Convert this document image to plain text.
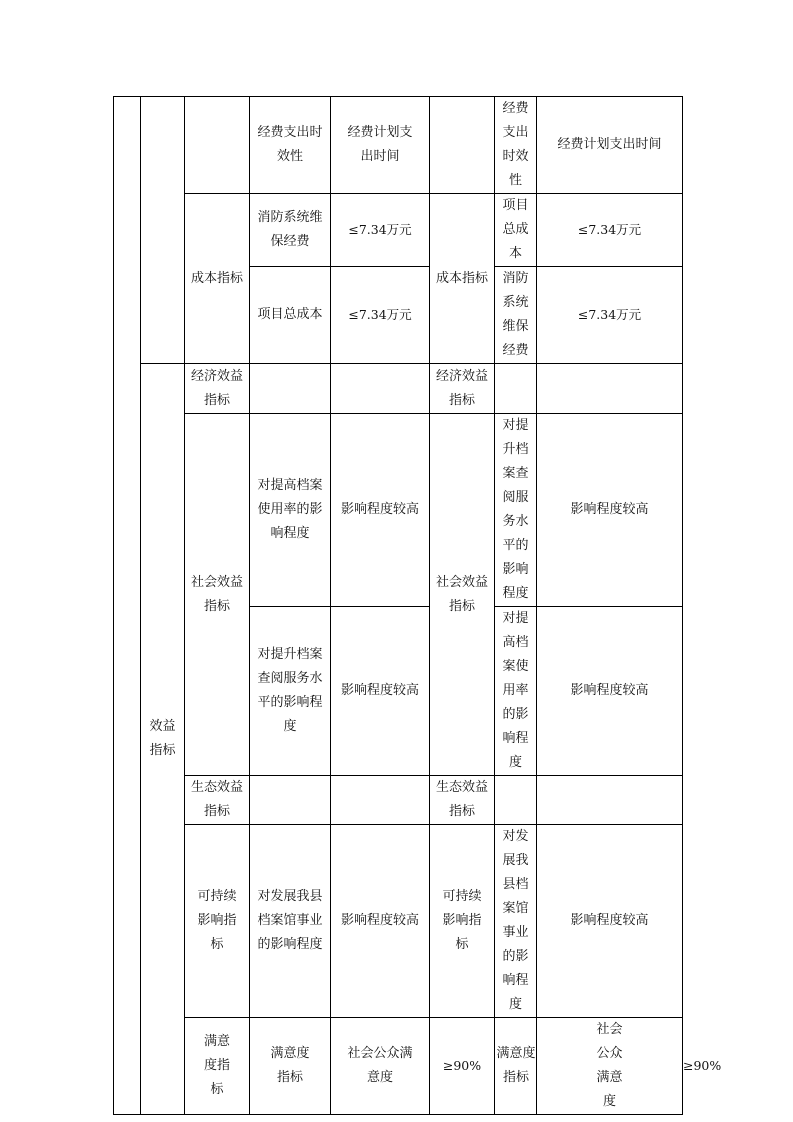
			经费支出时效性	经费计划支出时间		经费支出时效性	经费计划支出时间	

		成本指标	消防系统维保经费	≤7.34万元	成本指标	项目总成本	≤7.34万元	
			项目总成本	≤7.34万元		消防系统维保经费	≤7.34万元	

	效益指标	经济效益指标			经济效益指标			

		社会效益指标	对提高档案使用率的影响程度	影响程度较高	社会效益指标	对提升档案查阅服务水平的影响程度	影响程度较高	

			对提升档案查阅服务水平的影响程度	影响程度较高		对提高档案使用率的影响程度	影响程度较高	

		生态效益指标			生态效益指标			

		可持续影响指标	对发展我县档案馆事业的影响程度	影响程度较高	可持续影响指标	对发展我县档案馆事业的影响程度	影响程度较高	

		满意度指标	满意度指标	社会公众满意度	≥90%	满意度指标	社会公众满意度	≥90%
